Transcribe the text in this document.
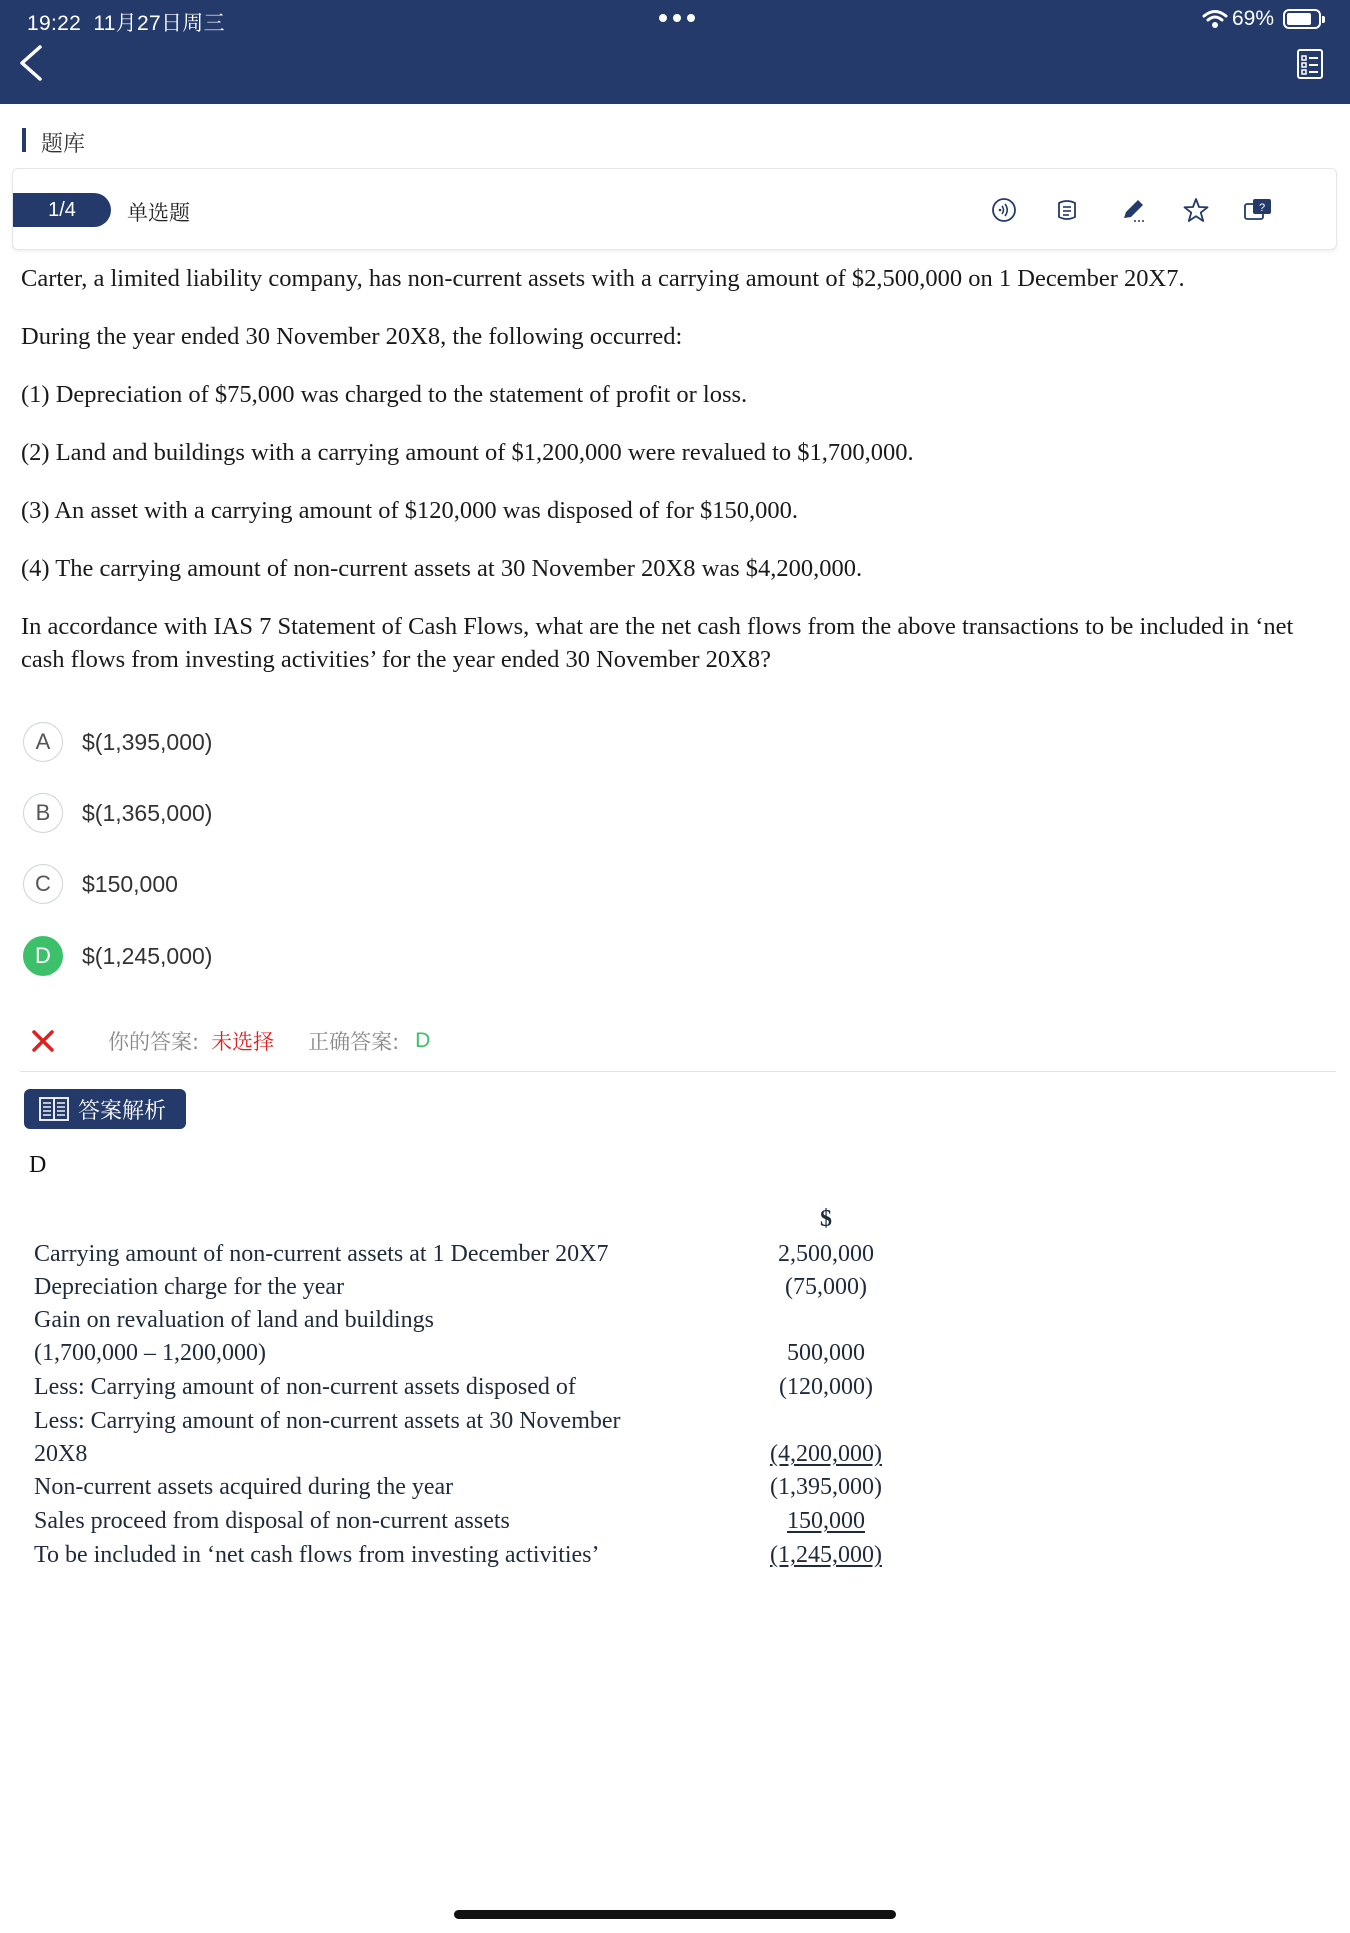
19:22 11月27日周三	69%
题库
1/4	单选题	?

Carter, a limited liability company, has non-current assets with a carrying amount of $2,500,000 on 1 December 20X7.

During the year ended 30 November 20X8, the following occurred:

(1) Depreciation of $75,000 was charged to the statement of profit or loss.

(2) Land and buildings with a carrying amount of $1,200,000 were revalued to $1,700,000.

(3) An asset with a carrying amount of $120,000 was disposed of for $150,000.

(4) The carrying amount of non-current assets at 30 November 20X8 was $4,200,000.

In accordance with IAS 7 Statement of Cash Flows, what are the net cash flows from the above transactions to be included in ‘net cash flows from investing activities’ for the year ended 30 November 20X8?

A	$(1,395,000)
B	$(1,365,000)
C	$150,000
D	$(1,245,000)
你的答案: 未选择 正确答案: D
答案解析
D
$
Carrying amount of non-current assets at 1 December 20X7	2,500,000
Depreciation charge for the year	(75,000)
Gain on revaluation of land and buildings
(1,700,000 – 1,200,000)	500,000
Less: Carrying amount of non-current assets disposed of	(120,000)
Less: Carrying amount of non-current assets at 30 November
20X8	(4,200,000)
Non-current assets acquired during the year	(1,395,000)
Sales proceed from disposal of non-current assets	150,000
To be included in ‘net cash flows from investing activities’	(1,245,000)
